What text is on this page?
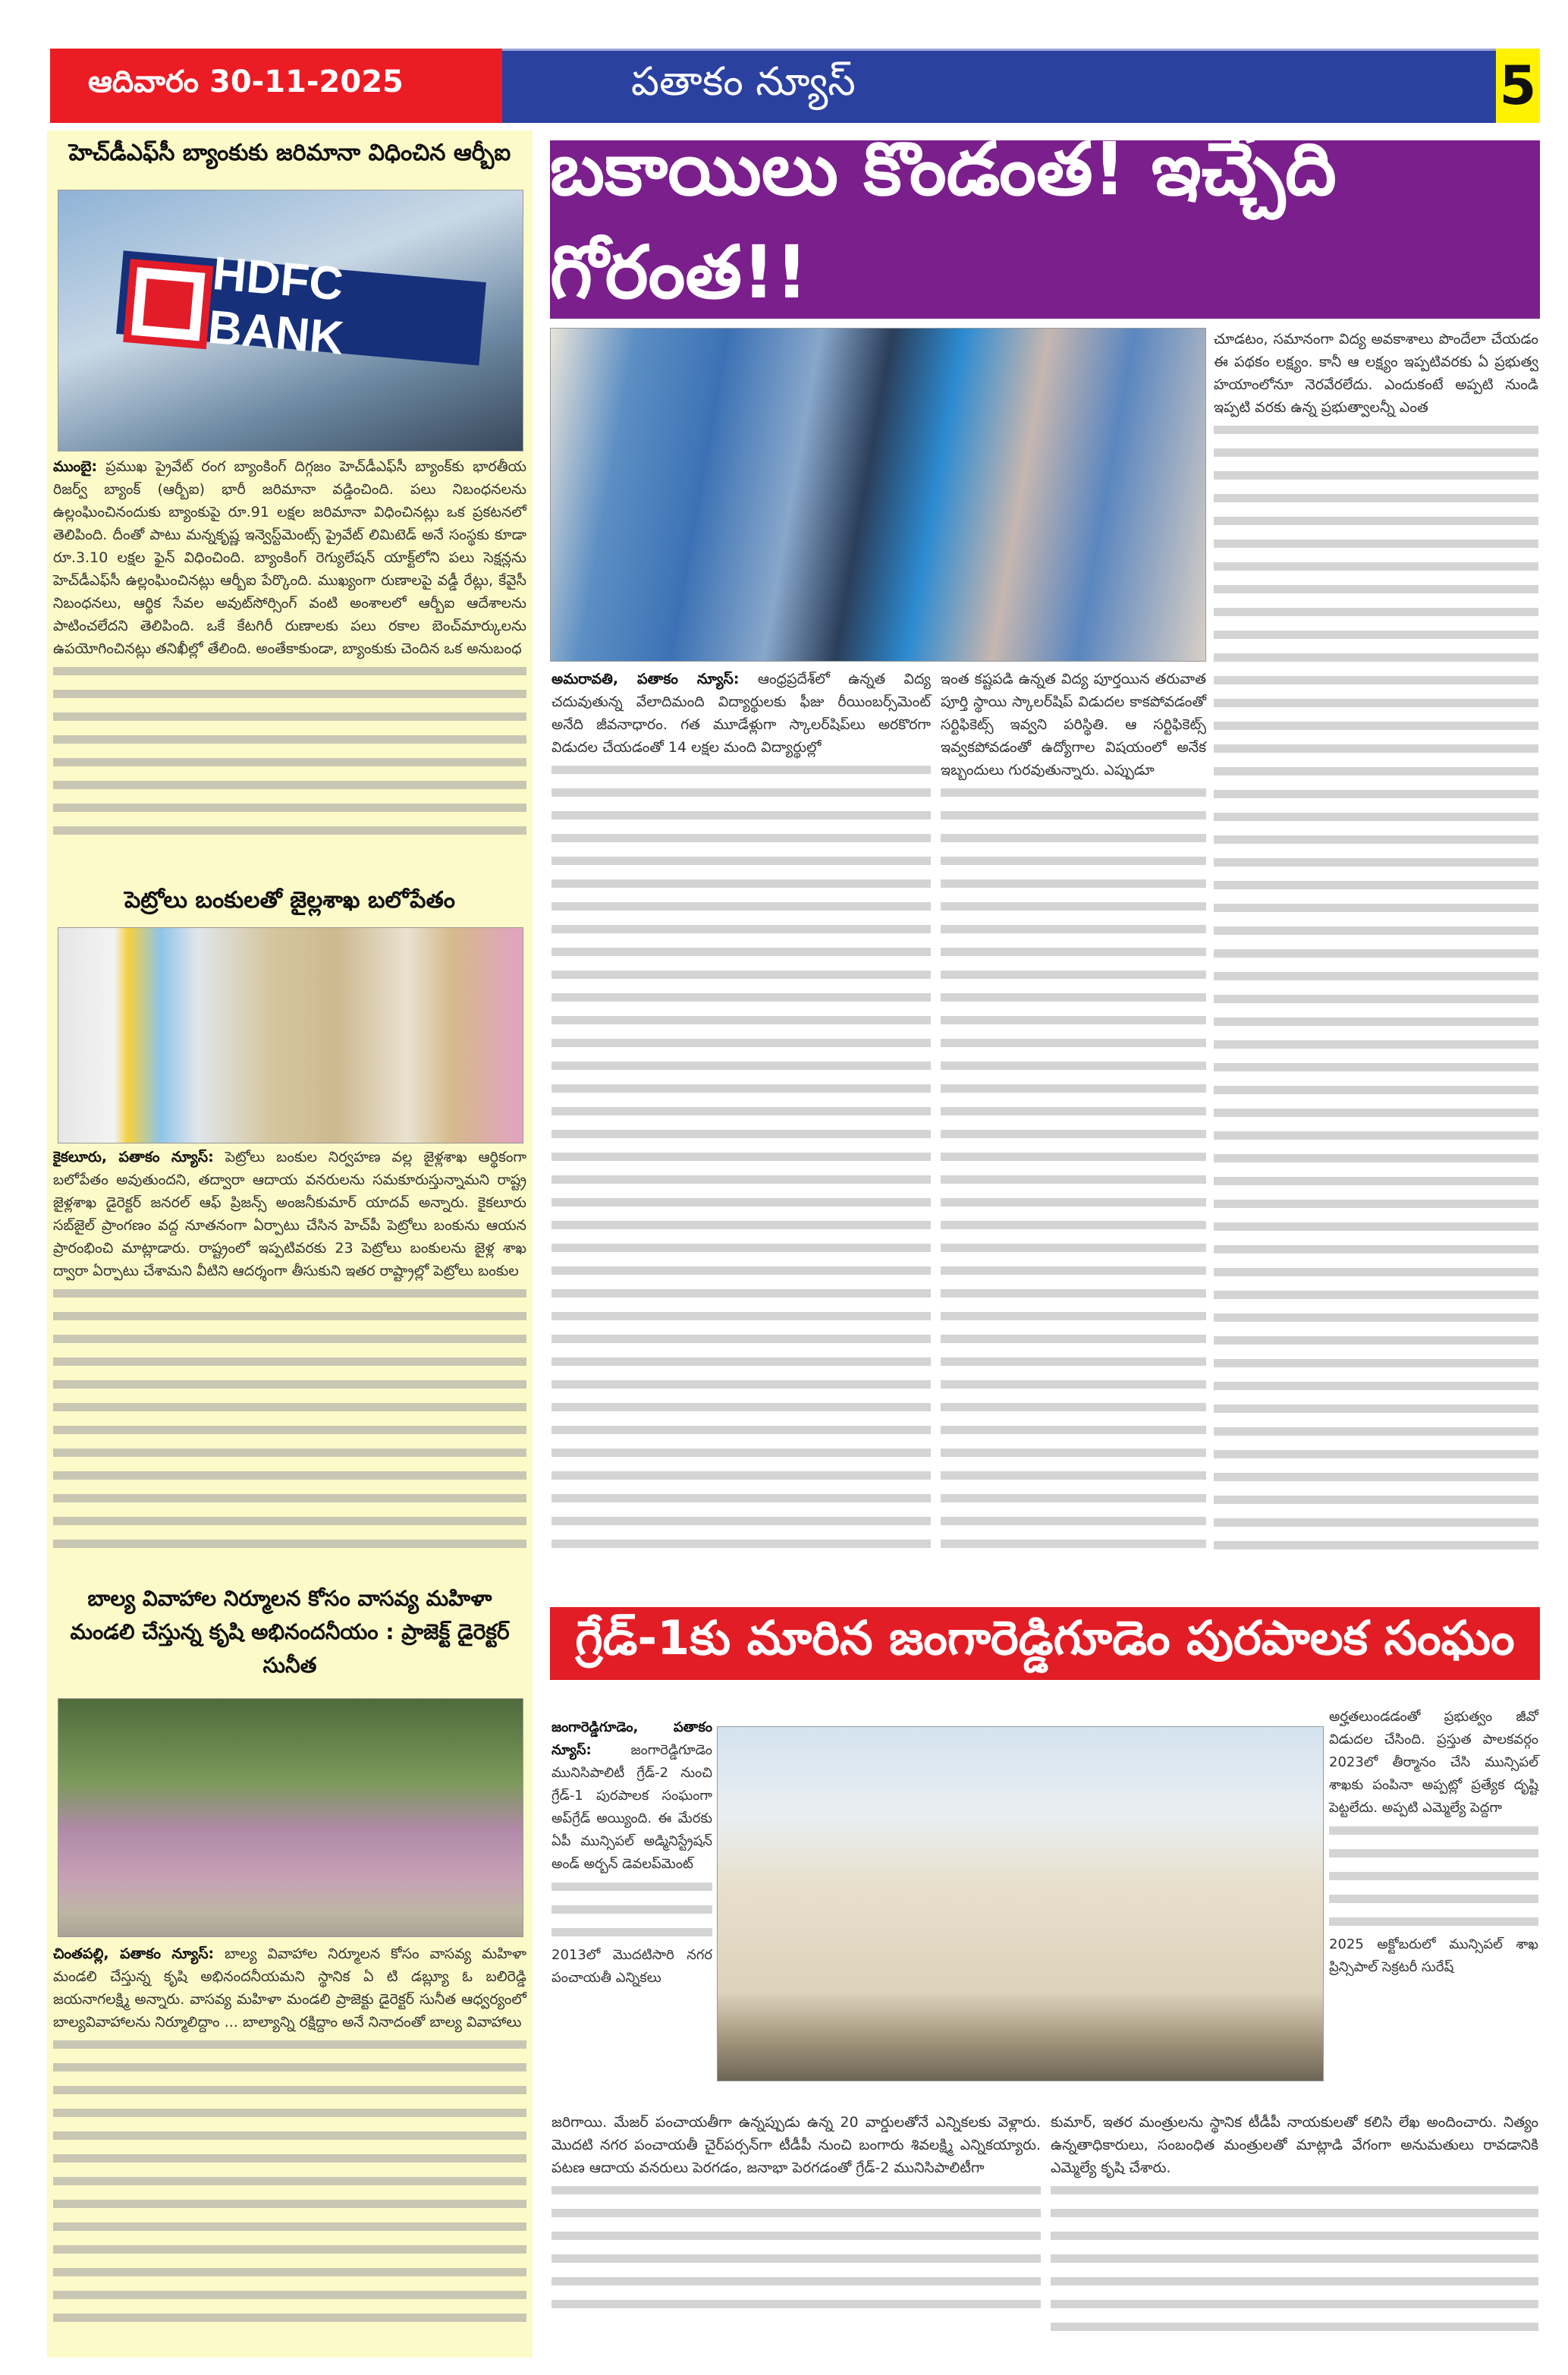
ఆదివారం 30-11-2025	పతాకం న్యూస్	5
హెచ్‌డీఎఫ్‌సీ బ్యాంకుకు జరిమానా విధించిన ఆర్బీఐ
HDFC BANK
ముంబై: ప్రముఖ ప్రైవేట్ రంగ బ్యాంకింగ్ దిగ్గజం హెచ్‌డీఎఫ్‌సీ బ్యాంక్‌కు భారతీయ రిజర్వ్ బ్యాంక్ (ఆర్బీఐ) భారీ జరిమానా వడ్డించింది. పలు నిబంధనలను ఉల్లంఘించినందుకు బ్యాంకుపై రూ.91 లక్షల జరిమానా విధించినట్లు ఒక ప్రకటనలో తెలిపింది. దీంతో పాటు మన్నకృష్ణ ఇన్వెస్ట్‌మెంట్స్ ప్రైవేట్ లిమిటెడ్ అనే సంస్థకు కూడా రూ.3.10 లక్షల ఫైన్ విధించింది. బ్యాంకింగ్ రెగ్యులేషన్ యాక్ట్‌లోని పలు సెక్షన్లను హెచ్‌డీఎఫ్‌సీ ఉల్లంఘించినట్లు ఆర్బీఐ పేర్కొంది. ముఖ్యంగా రుణాలపై వడ్డీ రేట్లు, కేవైసీ నిబంధనలు, ఆర్థిక సేవల అవుట్‌సోర్సింగ్ వంటి అంశాలలో ఆర్బీఐ ఆదేశాలను పాటించలేదని తెలిపింది. ఒకే కేటగిరీ రుణాలకు పలు రకాల బెంచ్‌మార్కులను ఉపయోగించినట్లు తనిఖీల్లో తేలింది. అంతేకాకుండా, బ్యాంకుకు చెందిన ఒక అనుబంధ
పెట్రోలు బంకులతో జైల్లశాఖ బలోపేతం
కైకలూరు, పతాకం న్యూస్: పెట్రోలు బంకుల నిర్వహణ వల్ల జైళ్లశాఖ ఆర్థికంగా బలోపేతం అవుతుందని, తద్వారా ఆదాయ వనరులను సమకూరుస్తున్నామని రాష్ట్ర జైళ్లశాఖ డైరెక్టర్ జనరల్ ఆఫ్ ప్రిజన్స్ అంజనీకుమార్ యాదవ్ అన్నారు. కైకలూరు సబ్‌జైల్ ప్రాంగణం వద్ద నూతనంగా ఏర్పాటు చేసిన హెచ్‌పీ పెట్రోలు బంకును ఆయన ప్రారంభించి మాట్లాడారు. రాష్ట్రంలో ఇప్పటివరకు 23 పెట్రోలు బంకులను జైళ్ల శాఖ ద్వారా ఏర్పాటు చేశామని వీటిని ఆదర్శంగా తీసుకుని ఇతర రాష్ట్రాల్లో పెట్రోలు బంకుల
బాల్య వివాహాల నిర్మూలన కోసం వాసవ్య మహిళా మండలి చేస్తున్న కృషి అభినందనీయం : ప్రాజెక్ట్ డైరెక్టర్ సునీత
చింతపల్లి, పతాకం న్యూస్: బాల్య వివాహాల నిర్మూలన కోసం వాసవ్య మహిళా మండలి చేస్తున్న కృషి అభినందనీయమని స్థానిక ఏ టి డబ్ల్యూ ఓ బలిరెడ్డి జయనాగలక్ష్మి అన్నారు. వాసవ్య మహిళా మండలి ప్రాజెక్టు డైరెక్టర్ సునీత ఆధ్వర్యంలో బాల్యవివాహాలను నిర్మూలిద్దాం ... బాల్యాన్ని రక్షిద్దాం అనే నినాదంతో బాల్య వివాహాలు
బకాయిలు కొండంత! ఇచ్చేది గోరంత!!
అమరావతి, పతాకం న్యూస్: ఆంధ్రప్రదేశ్‌లో ఉన్నత విద్య చదువుతున్న వేలాదిమంది విద్యార్థులకు ఫీజు రీయింబర్స్‌మెంట్ అనేది జీవనాధారం. గత మూడేళ్లుగా స్కాలర్‌షిప్‌లు అరకొరగా విడుదల చేయడంతో 14 లక్షల మంది విద్యార్థుల్లో
ఇంత కష్టపడి ఉన్నత విద్య పూర్తయిన తరువాత పూర్తి స్థాయి స్కాలర్‌షిప్ విడుదల కాకపోవడంతో సర్టిఫికెట్స్ ఇవ్వని పరిస్థితి. ఆ సర్టిఫికెట్స్ ఇవ్వకపోవడంతో ఉద్యోగాల విషయంలో అనేక ఇబ్బందులు గురవుతున్నారు. ఎప్పుడూ
చూడటం, సమానంగా విద్య అవకాశాలు పొందేలా చేయడం ఈ పథకం లక్ష్యం. కానీ ఆ లక్ష్యం ఇప్పటివరకు ఏ ప్రభుత్వ హయాంలోనూ నెరవేరలేదు. ఎందుకంటే అప్పటి నుండి ఇప్పటి వరకు ఉన్న ప్రభుత్వాలన్నీ ఎంత
గ్రేడ్-1కు మారిన జంగారెడ్డిగూడెం పురపాలక సంఘం
జంగారెడ్డిగూడెం, పతాకం న్యూస్:	జంగారెడ్డిగూడెం మునిసిపాలిటీ గ్రేడ్-2 నుంచి గ్రేడ్-1 పురపాలక సంఘంగా అప్‌గ్రేడ్ అయ్యింది. ఈ మేరకు ఏపీ మున్సిపల్ అడ్మినిస్ట్రేషన్ అండ్ అర్బన్ డెవలప్‌మెంట్
2013లో మొదటిసారి నగర పంచాయతీ ఎన్నికలు
అర్హతలుండడంతో ప్రభుత్వం జీవో విడుదల చేసింది. ప్రస్తుత పాలకవర్గం 2023లో తీర్మానం చేసి మున్సిపల్ శాఖకు పంపినా అప్పట్లో ప్రత్యేక దృష్టి పెట్టలేదు. అప్పటి ఎమ్మెల్యే పెద్దగా
2025 అక్టోబరులో మున్సిపల్ శాఖ ప్రిన్సిపాల్ సెక్రటరీ సురేష్
జరిగాయి. మేజర్ పంచాయతీగా ఉన్నప్పుడు ఉన్న 20 వార్డులతోనే ఎన్నికలకు వెళ్లారు. మొదటి నగర పంచాయతీ చైర్‌పర్సన్‌గా టీడీపీ నుంచి బంగారు శివలక్ష్మి ఎన్నికయ్యారు. పటణ ఆదాయ వనరులు పెరగడం, జనాభా పెరగడంతో గ్రేడ్-2 మునిసిపాలిటీగా
కుమార్, ఇతర మంత్రులను స్థానిక టీడీపీ నాయకులతో కలిసి లేఖ అందించారు. నిత్యం ఉన్నతాధికారులు, సంబంధిత మంత్రులతో మాట్లాడి వేగంగా అనుమతులు రావడానికి ఎమ్మెల్యే కృషి చేశారు.
